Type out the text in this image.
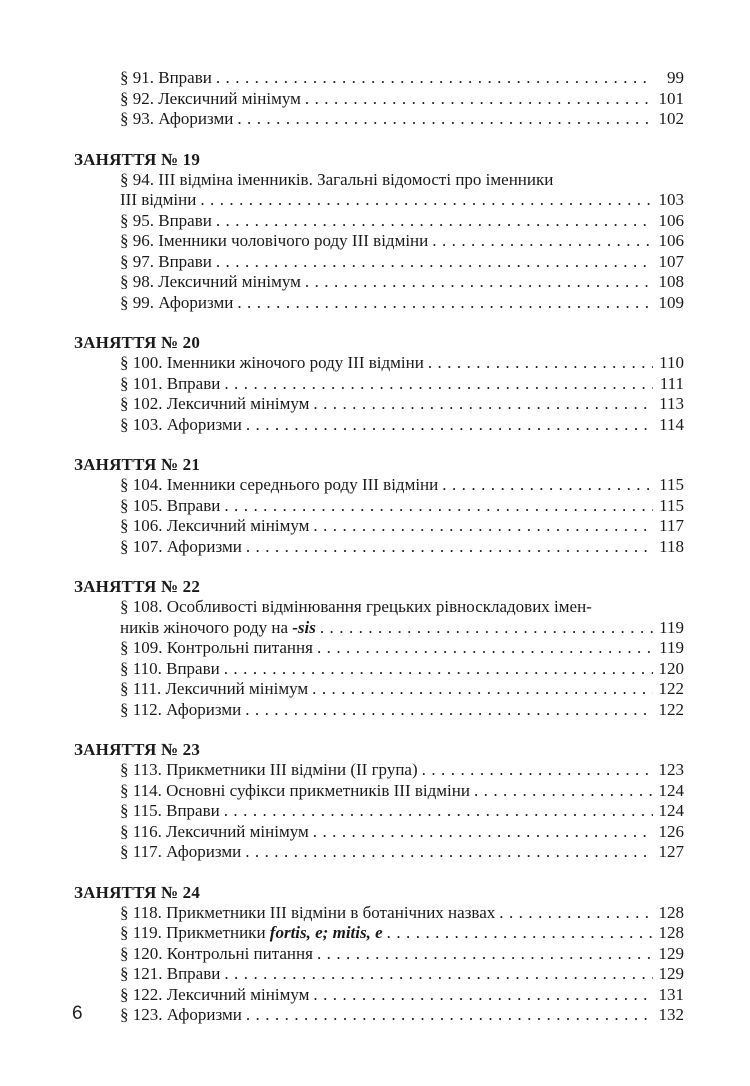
§ 91. Вправи . . .	99
§ 92. Лексичний мінімум . . .	101
§ 93. Афоризми . . .	102
ЗАНЯТТЯ № 19
§ 94. ІІІ відміна іменників. Загальні відомості про іменники
ІІІ відміни . . .	103
§ 95. Вправи . . .	106
§ 96. Іменники чоловічого роду ІІІ відміни . . .	106
§ 97. Вправи . . .	107
§ 98. Лексичний мінімум . . .	108
§ 99. Афоризми . . .	109
ЗАНЯТТЯ № 20
§ 100. Іменники жіночого роду ІІІ відміни . . .	110
§ 101. Вправи . . .	111
§ 102. Лексичний мінімум . . .	113
§ 103. Афоризми . . .	114
ЗАНЯТТЯ № 21
§ 104. Іменники середнього роду ІІІ відміни . . .	115
§ 105. Вправи . . .	115
§ 106. Лексичний мінімум . . .	117
§ 107. Афоризми . . .	118
ЗАНЯТТЯ № 22
§ 108. Особливості відмінювання грецьких рівноскладових імен-
ників жіночого роду на -sis . . .	119
§ 109. Контрольні питання . . .	119
§ 110. Вправи . . .	120
§ 111. Лексичний мінімум . . .	122
§ 112. Афоризми . . .	122
ЗАНЯТТЯ № 23
§ 113. Прикметники ІІІ відміни (ІІ група) . . .	123
§ 114. Основні суфікси прикметників ІІІ відміни . . .	124
§ 115. Вправи . . .	124
§ 116. Лексичний мінімум . . .	126
§ 117. Афоризми . . .	127
ЗАНЯТТЯ № 24
§ 118. Прикметники ІІІ відміни в ботанічних назвах . . .	128
§ 119. Прикметники fortis, e; mitis, e . . .	128
§ 120. Контрольні питання . . .	129
§ 121. Вправи . . .	129
§ 122. Лексичний мінімум . . .	131
§ 123. Афоризми . . .	132
6
